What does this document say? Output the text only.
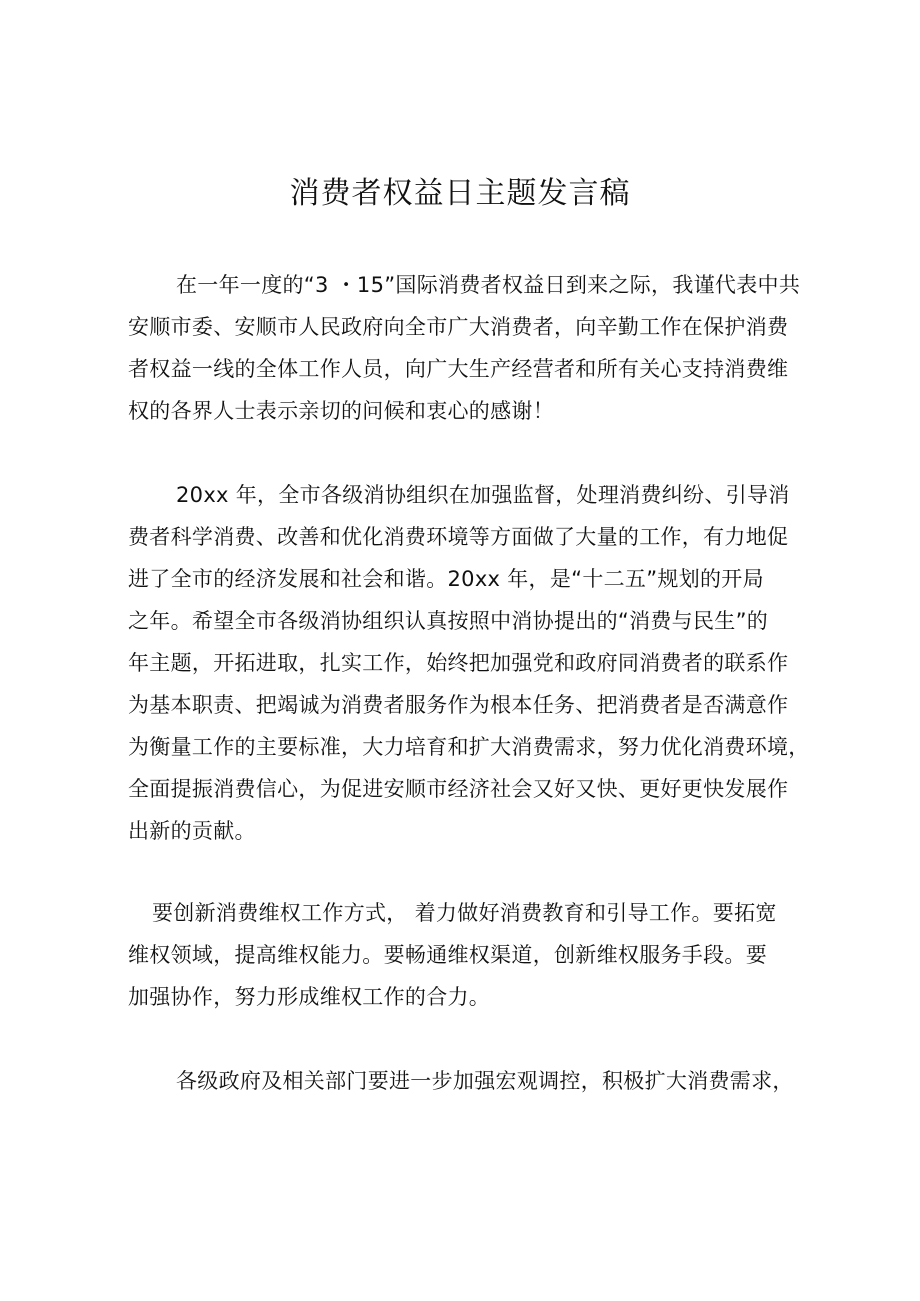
消费者权益日主题发言稿

在一年一度的“3 ・15”国际消费者权益日到来之际，我谨代表中共
安顺市委、安顺市人民政府向全市广大消费者，向辛勤工作在保护消费
者权益一线的全体工作人员，向广大生产经营者和所有关心支持消费维
权的各界人士表示亲切的问候和衷心的感谢！

20xx 年，全市各级消协组织在加强监督，处理消费纠纷、引导消
费者科学消费、改善和优化消费环境等方面做了大量的工作，有力地促
进了全市的经济发展和社会和谐。20xx 年，是“十二五”规划的开局
之年。希望全市各级消协组织认真按照中消协提出的“消费与民生”的
年主题，开拓进取，扎实工作，始终把加强党和政府同消费者的联系作
为基本职责、把竭诚为消费者服务作为根本任务、把消费者是否满意作
为衡量工作的主要标准，大力培育和扩大消费需求，努力优化消费环境，
全面提振消费信心，为促进安顺市经济社会又好又快、更好更快发展作
出新的贡献。

要创新消费维权工作方式， 着力做好消费教育和引导工作。要拓宽
维权领域，提高维权能力。要畅通维权渠道，创新维权服务手段。要
加强协作，努力形成维权工作的合力。

各级政府及相关部门要进一步加强宏观调控，积极扩大消费需求，
